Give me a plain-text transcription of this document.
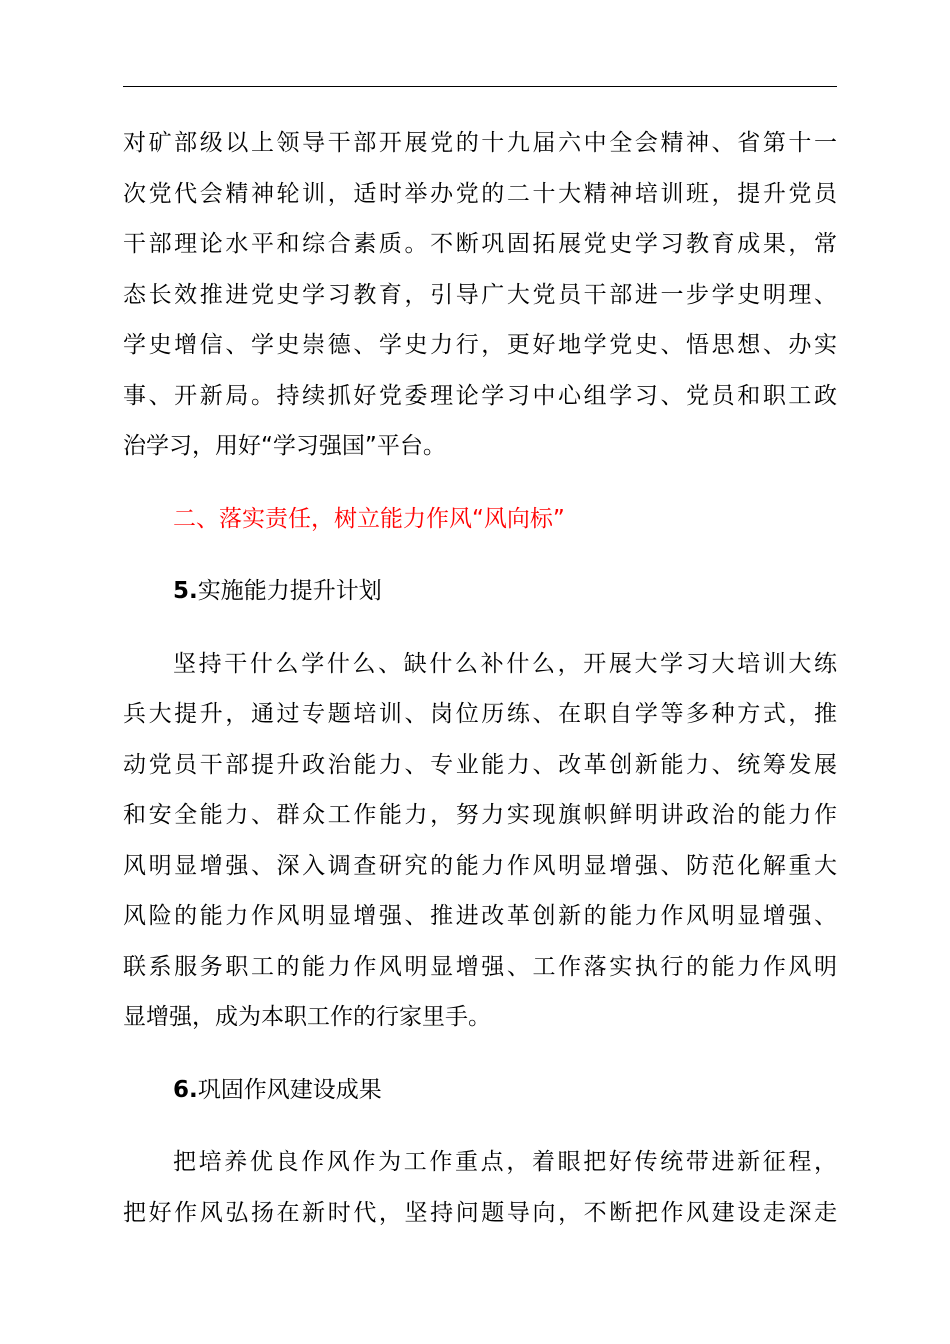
对矿部级以上领导干部开展党的十九届六中全会精神、省第十一
次党代会精神轮训，适时举办党的二十大精神培训班，提升党员
干部理论水平和综合素质。不断巩固拓展党史学习教育成果，常
态长效推进党史学习教育，引导广大党员干部进一步学史明理、
学史增信、学史崇德、学史力行，更好地学党史、悟思想、办实
事、开新局。持续抓好党委理论学习中心组学习、党员和职工政
治学习，用好“学习强国”平台。
二、落实责任，树立能力作风“风向标”
5.实施能力提升计划
坚持干什么学什么、缺什么补什么，开展大学习大培训大练
兵大提升，通过专题培训、岗位历练、在职自学等多种方式，推
动党员干部提升政治能力、专业能力、改革创新能力、统筹发展
和安全能力、群众工作能力，努力实现旗帜鲜明讲政治的能力作
风明显增强、深入调查研究的能力作风明显增强、防范化解重大
风险的能力作风明显增强、推进改革创新的能力作风明显增强、
联系服务职工的能力作风明显增强、工作落实执行的能力作风明
显增强，成为本职工作的行家里手。
6.巩固作风建设成果
把培养优良作风作为工作重点，着眼把好传统带进新征程，
把好作风弘扬在新时代，坚持问题导向，不断把作风建设走深走
